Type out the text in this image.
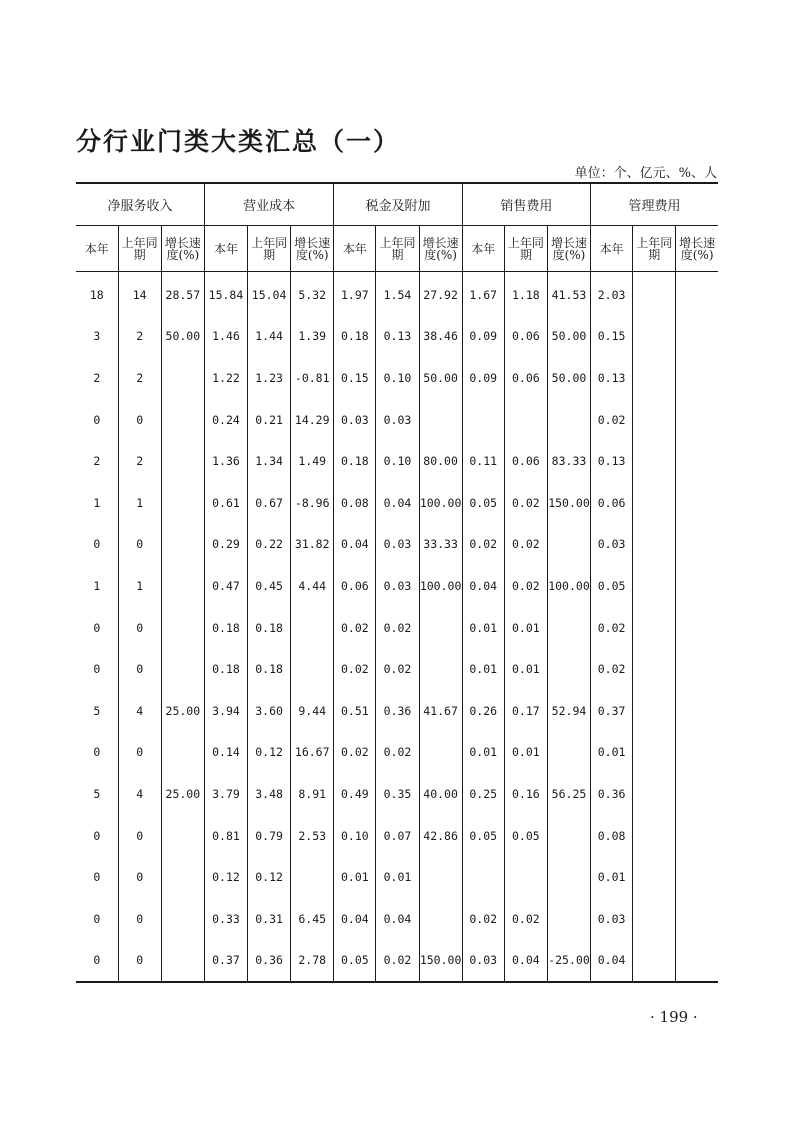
分行业门类大类汇总（一）
单位：个、亿元、%、人
净服务收入			营业成本			税金及附加			销售费用			管理费用		
本年	上年同期	增长速度(%)	本年	上年同期	增长速度(%)	本年	上年同期	增长速度(%)	本年	上年同期	增长速度(%)	本年	上年同期	增长速度(%)
18	14	28.57	15.84	15.04	5.32	1.97	1.54	27.92	1.67	1.18	41.53	2.03		
3	2	50.00	1.46	1.44	1.39	0.18	0.13	38.46	0.09	0.06	50.00	0.15		
2	2		1.22	1.23	-0.81	0.15	0.10	50.00	0.09	0.06	50.00	0.13		
0	0		0.24	0.21	14.29	0.03	0.03					0.02		
2	2		1.36	1.34	1.49	0.18	0.10	80.00	0.11	0.06	83.33	0.13		
1	1		0.61	0.67	-8.96	0.08	0.04	100.00	0.05	0.02	150.00	0.06		
0	0		0.29	0.22	31.82	0.04	0.03	33.33	0.02	0.02		0.03		
1	1		0.47	0.45	4.44	0.06	0.03	100.00	0.04	0.02	100.00	0.05		
0	0		0.18	0.18		0.02	0.02		0.01	0.01		0.02		
0	0		0.18	0.18		0.02	0.02		0.01	0.01		0.02		
5	4	25.00	3.94	3.60	9.44	0.51	0.36	41.67	0.26	0.17	52.94	0.37		
0	0		0.14	0.12	16.67	0.02	0.02		0.01	0.01		0.01		
5	4	25.00	3.79	3.48	8.91	0.49	0.35	40.00	0.25	0.16	56.25	0.36		
0	0		0.81	0.79	2.53	0.10	0.07	42.86	0.05	0.05		0.08		
0	0		0.12	0.12		0.01	0.01					0.01		
0	0		0.33	0.31	6.45	0.04	0.04		0.02	0.02		0.03		
0	0		0.37	0.36	2.78	0.05	0.02	150.00	0.03	0.04	-25.00	0.04		
· 199 ·
